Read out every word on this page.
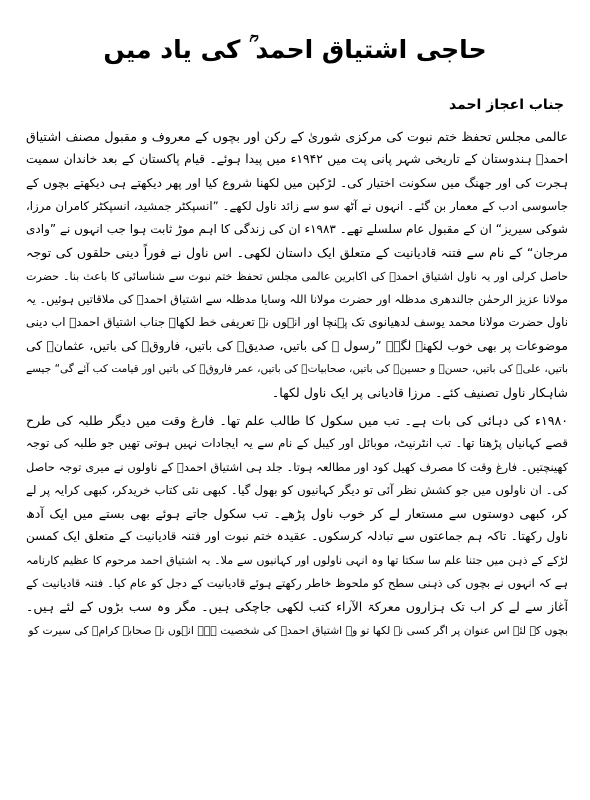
حاجی اشتیاق احمد ؒ کی یاد میں
جناب اعجاز احمد
عالمی مجلس تحفظ ختم نبوت کی مرکزی شوریٰ کے رکن اور بچوں کے معروف و مقبول مصنف اشتیاق
احمدؒ ہندوستان کے تاریخی شہر پانی پت میں ۱۹۴۲ء میں پیدا ہوئے۔ قیام پاکستان کے بعد خاندان سمیت
ہجرت کی اور جھنگ میں سکونت اختیار کی۔ لڑکپن میں لکھنا شروع کیا اور پھر دیکھتے ہی دیکھتے بچوں کے
جاسوسی ادب کے معمار بن گئے۔ انہوں نے آٹھ سو سے زائد ناول لکھے۔ ”انسپکٹر جمشید، انسپکٹر کامران مرزا،
شوکی سیریز“ ان کے مقبول عام سلسلے تھے۔ ۱۹۸۳ء ان کی زندگی کا اہم موڑ ثابت ہوا جب انہوں نے ”وادی
مرجان“ کے نام سے فتنہ قادیانیت کے متعلق ایک داستان لکھی۔ اس ناول نے فوراً دینی حلقوں کی توجہ
حاصل کرلی اور یہ ناول اشتیاق احمدؒ کی اکابرین عالمی مجلس تحفظ ختم نبوت سے شناسائی کا باعث بنا۔ حضرت
مولانا عزیز الرحمٰن جالندھری مدظلہ اور حضرت مولانا اللہ وسایا مدظلہ سے اشتیاق احمدؒ کی ملاقاتیں ہوئیں۔ یہ
ناول حضرت مولانا محمد یوسف لدھیانوی تک پہنچا اور انہوں نے تعریفی خط لکھا۔ جناب اشتیاق احمدؒ اب دینی
موضوعات پر بھی خوب لکھنے لگے۔ ”رسول ﷺ کی باتیں، صدیقؓ کی باتیں، فاروقؓ کی باتیں، عثمانؓ کی
باتیں، علیؓ کی باتیں، حسنؓ و حسینؓ کی باتیں، صحابیاتؓ کی باتیں، عمر فاروقؓ کی باتیں اور قیامت کب آئے گی“ جیسے
شاہکار ناول تصنیف کئے۔ مرزا قادیانی پر ایک ناول لکھا۔
۱۹۸۰ء کی دہائی کی بات ہے۔ تب میں سکول کا طالب علم تھا۔ فارغ وقت میں دیگر طلبہ کی طرح
قصے کہانیاں پڑھتا تھا۔ تب انٹرنیٹ، موبائل اور کیبل کے نام سے یہ ایجادات نہیں ہوتی تھیں جو طلبہ کی توجہ
کھینچتیں۔ فارغ وقت کا مصرف کھیل کود اور مطالعہ ہوتا۔ جلد ہی اشتیاق احمدؒ کے ناولوں نے میری توجہ حاصل
کی۔ ان ناولوں میں جو کشش نظر آئی تو دیگر کہانیوں کو بھول گیا۔ کبھی نئی کتاب خریدکر، کبھی کرایہ پر لے
کر، کبھی دوستوں سے مستعار لے کر خوب ناول پڑھے۔ تب سکول جاتے ہوئے بھی بستے میں ایک آدھ
ناول رکھتا۔ تاکہ ہم جماعتوں سے تبادلہ کرسکوں۔ عقیدہ ختم نبوت اور فتنہ قادیانیت کے متعلق ایک کمسن
لڑکے کے ذہن میں جتنا علم سا سکتا تھا وہ انہی ناولوں اور کہانیوں سے ملا۔ یہ اشتیاق احمد مرحوم کا عظیم کارنامہ
ہے کہ انہوں نے بچوں کی ذہنی سطح کو ملحوظ خاطر رکھتے ہوئے قادیانیت کے دجل کو عام کیا۔ فتنہ قادیانیت کے
آغاز سے لے کر اب تک ہزاروں معرکۃ الآراء کتب لکھی جاچکی ہیں۔ مگر وہ سب بڑوں کے لئے ہیں۔
بچوں کے لئے اس عنوان پر اگر کسی نے لکھا تو وہ اشتیاق احمدؒ کی شخصیت ہے۔ انہوں نے صحابہ کرامؓ کی سیرت کو
